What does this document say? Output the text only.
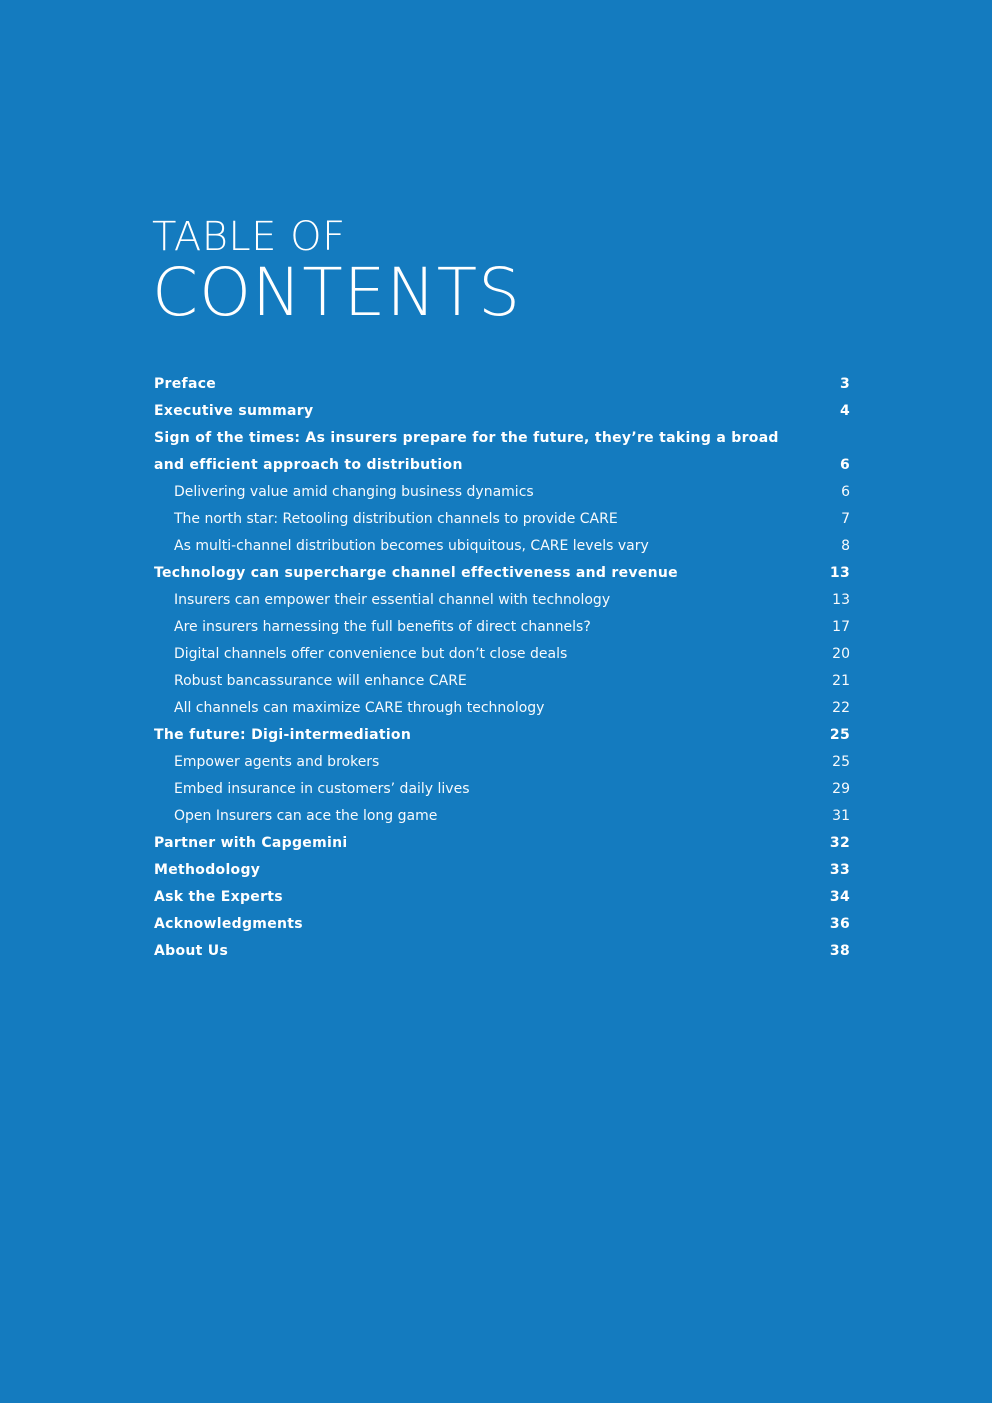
TABLE OF
CONTENTS
Preface	3
Executive summary	4
Sign of the times: As insurers prepare for the future, they’re taking a broad
and efficient approach to distribution	6
Delivering value amid changing business dynamics	6
The north star: Retooling distribution channels to provide CARE	7
As multi-channel distribution becomes ubiquitous, CARE levels vary	8
Technology can supercharge channel effectiveness and revenue	13
Insurers can empower their essential channel with technology	13
Are insurers harnessing the full benefits of direct channels?	17
Digital channels offer convenience but don’t close deals	20
Robust bancassurance will enhance CARE	21
All channels can maximize CARE through technology	22
The future: Digi-intermediation	25
Empower agents and brokers	25
Embed insurance in customers’ daily lives	29
Open Insurers can ace the long game	31
Partner with Capgemini	32
Methodology	33
Ask the Experts	34
Acknowledgments	36
About Us	38
